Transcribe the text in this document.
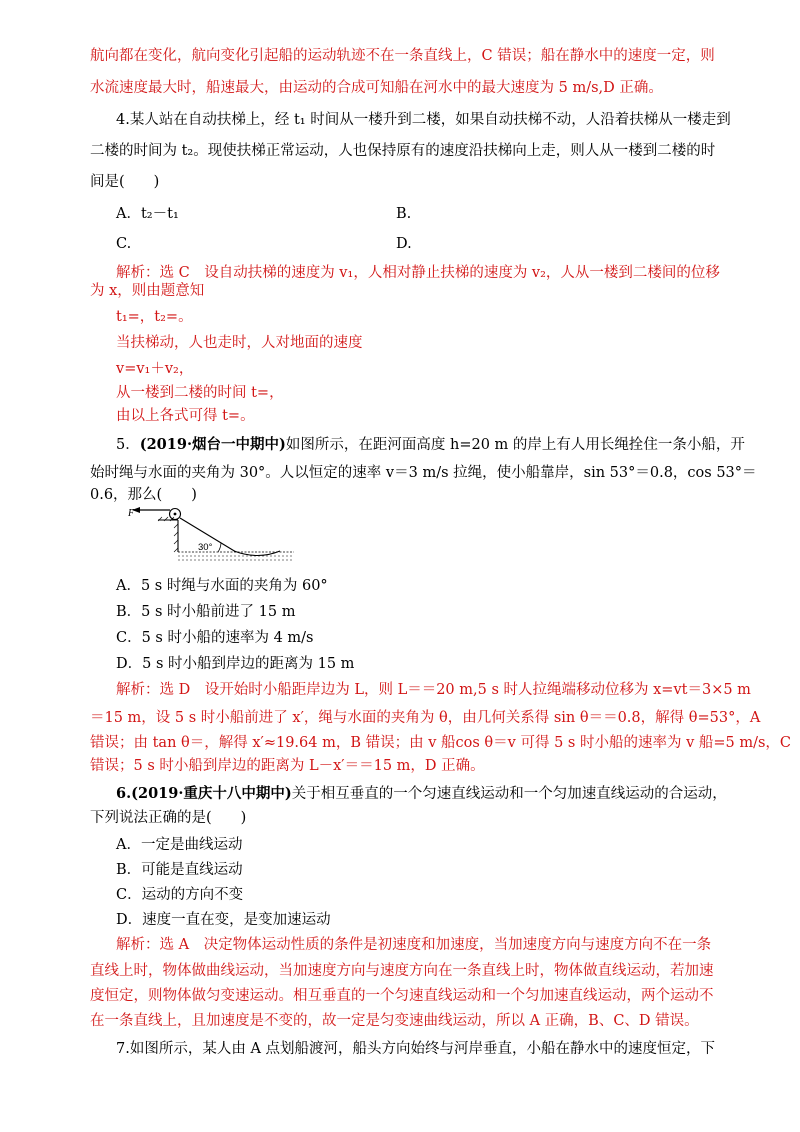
航向都在变化，航向变化引起船的运动轨迹不在一条直线上，C 错误；船在静水中的速度一定，则
水流速度最大时，船速最大，由运动的合成可知船在河水中的最大速度为 5 m/s,D 正确。
4.某人站在自动扶梯上，经 t₁ 时间从一楼升到二楼，如果自动扶梯不动，人沿着扶梯从一楼走到
二楼的时间为 t₂。现使扶梯正常运动，人也保持原有的速度沿扶梯向上走，则人从一楼到二楼的时
间是(　　)
A．t₂－t₁	B.
C.	D.
解析：选 C　设自动扶梯的速度为 v₁，人相对静止扶梯的速度为 v₂，人从一楼到二楼间的位移
为 x，则由题意知
t₁=，t₂=。
当扶梯动，人也走时，人对地面的速度
v=v₁＋v₂，
从一楼到二楼的时间 t=，
由以上各式可得 t=。
5．(2019·烟台一中期中)如图所示，在距河面高度 h=20 m 的岸上有人用长绳拴住一条小船，开
始时绳与水面的夹角为 30°。人以恒定的速率 v＝3 m/s 拉绳，使小船靠岸，sin 53°＝0.8，cos 53°＝
0.6，那么(　　)
F
30°
A．5 s 时绳与水面的夹角为 60°
B．5 s 时小船前进了 15 m
C．5 s 时小船的速率为 4 m/s
D．5 s 时小船到岸边的距离为 15 m
解析：选 D　设开始时小船距岸边为 L，则 L＝＝20 m,5 s 时人拉绳端移动位移为 x=vt＝3×5 m
＝15 m，设 5 s 时小船前进了 x′，绳与水面的夹角为 θ，由几何关系得 sin θ＝＝0.8，解得 θ=53°，A
错误；由 tan θ＝，解得 x′≈19.64 m，B 错误；由 v 船cos θ＝v 可得 5 s 时小船的速率为 v 船=5 m/s，C
错误；5 s 时小船到岸边的距离为 L－x′＝＝15 m，D 正确。
6.(2019·重庆十八中期中)关于相互垂直的一个匀速直线运动和一个匀加速直线运动的合运动，
下列说法正确的是(　　)
A．一定是曲线运动
B．可能是直线运动
C．运动的方向不变
D．速度一直在变，是变加速运动
解析：选 A　决定物体运动性质的条件是初速度和加速度，当加速度方向与速度方向不在一条
直线上时，物体做曲线运动，当加速度方向与速度方向在一条直线上时，物体做直线运动，若加速
度恒定，则物体做匀变速运动。相互垂直的一个匀速直线运动和一个匀加速直线运动，两个运动不
在一条直线上，且加速度是不变的，故一定是匀变速曲线运动，所以 A 正确，B、C、D 错误。
7.如图所示，某人由 A 点划船渡河，船头方向始终与河岸垂直，小船在静水中的速度恒定，下
